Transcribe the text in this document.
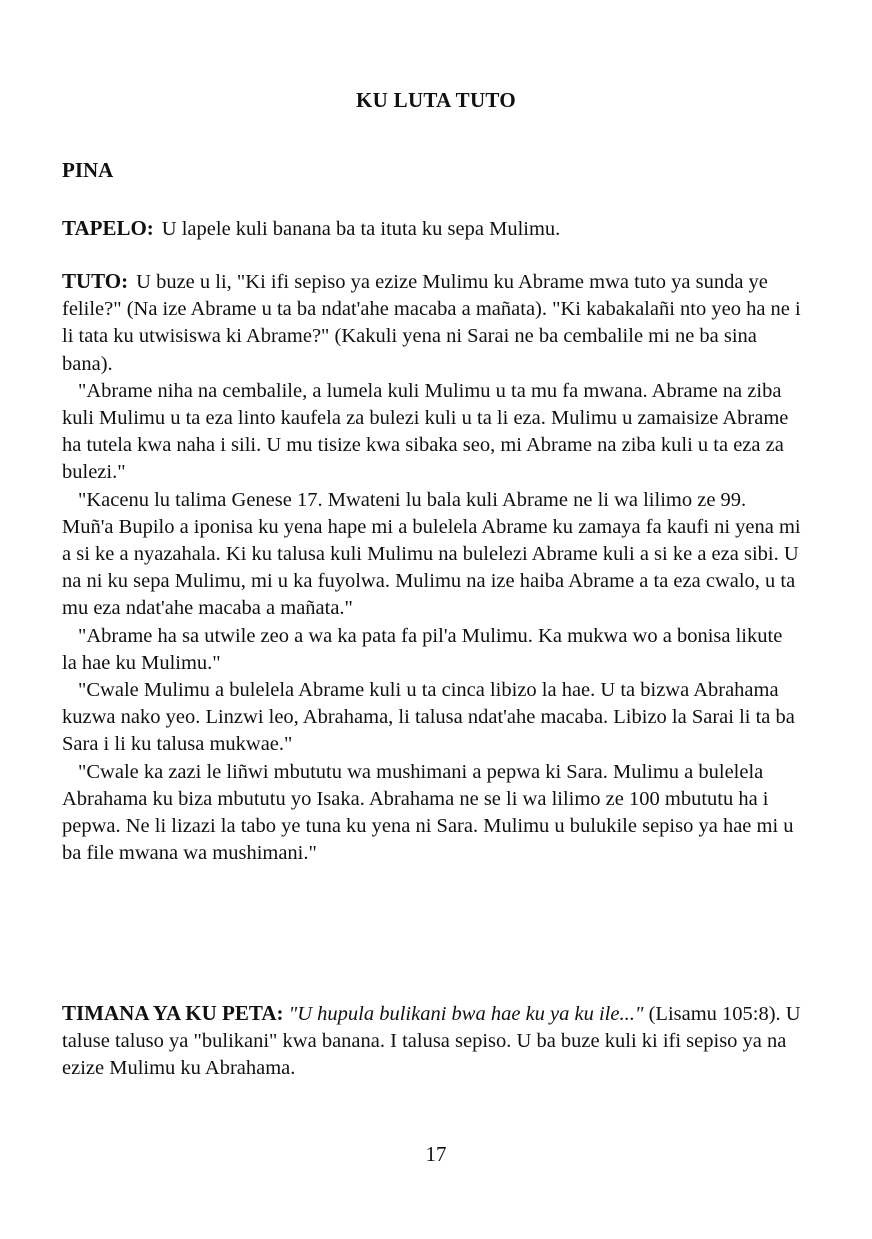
KU LUTA TUTO
PINA

TAPELO: U lapele kuli banana ba ta ituta ku sepa Mulimu.

TUTO: U buze u li, "Ki ifi sepiso ya ezize Mulimu ku Abrame mwa tuto ya sunda ye felile?" (Na ize Abrame u ta ba ndat'ahe macaba a mañata). "Ki kabakalañi nto yeo ha ne i li tata ku utwisiswa ki Abrame?" (Kakuli yena ni Sarai ne ba cembalile mi ne ba sina bana).

"Abrame niha na cembalile, a lumela kuli Mulimu u ta mu fa mwana. Abrame na ziba kuli Mulimu u ta eza linto kaufela za bulezi kuli u ta li eza. Mulimu u zamaisize Abrame ha tutela kwa naha i sili. U mu tisize kwa sibaka seo, mi Abrame na ziba kuli u ta eza za bulezi."

"Kacenu lu talima Genese 17. Mwateni lu bala kuli Abrame ne li wa lilimo ze 99. Muñ'a Bupilo a iponisa ku yena hape mi a bulelela Abrame ku zamaya fa kaufi ni yena mi a si ke a nyazahala. Ki ku talusa kuli Mulimu na bulelezi Abrame kuli a si ke a eza sibi. U na ni ku sepa Mulimu, mi u ka fuyolwa. Mulimu na ize haiba Abrame a ta eza cwalo, u ta mu eza ndat'ahe macaba a mañata."

"Abrame ha sa utwile zeo a wa ka pata fa pil'a Mulimu. Ka mukwa wo a bonisa likute la hae ku Mulimu."

"Cwale Mulimu a bulelela Abrame kuli u ta cinca libizo la hae. U ta bizwa Abrahama kuzwa nako yeo. Linzwi leo, Abrahama, li talusa ndat'ahe macaba. Libizo la Sarai li ta ba Sara i li ku talusa mukwae."

"Cwale ka zazi le liñwi mbututu wa mushimani a pepwa ki Sara. Mulimu a bulelela Abrahama ku biza mbututu yo Isaka. Abrahama ne se li wa lilimo ze 100 mbututu ha i pepwa. Ne li lizazi la tabo ye tuna ku yena ni Sara. Mulimu u bulukile sepiso ya hae mi u ba file mwana wa mushimani."

TIMANA YA KU PETA: "U hupula bulikani bwa hae ku ya ku ile..." (Lisamu 105:8). U taluse taluso ya "bulikani" kwa banana. I talusa sepiso. U ba buze kuli ki ifi sepiso ya na ezize Mulimu ku Abrahama.

17
